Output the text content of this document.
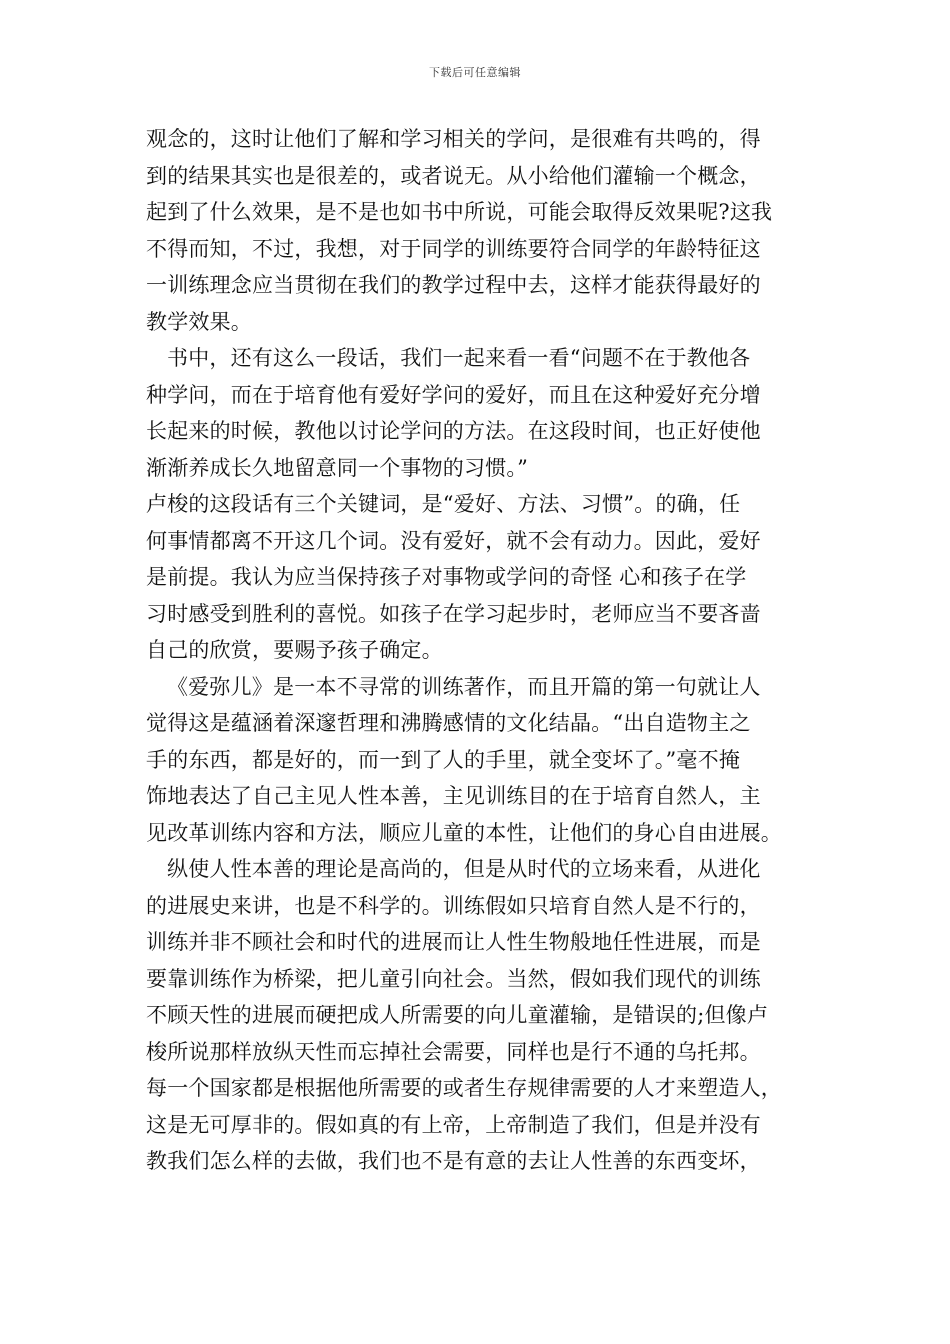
下载后可任意编辑
观念的，这时让他们了解和学习相关的学问，是很难有共鸣的，得
到的结果其实也是很差的，或者说无。从小给他们灌输一个概念，
起到了什么效果，是不是也如书中所说，可能会取得反效果呢?这我
不得而知，不过，我想，对于同学的训练要符合同学的年龄特征这
一训练理念应当贯彻在我们的教学过程中去，这样才能获得最好的
教学效果。
书中，还有这么一段话，我们一起来看一看“问题不在于教他各
种学问，而在于培育他有爱好学问的爱好，而且在这种爱好充分增
长起来的时候，教他以讨论学问的方法。在这段时间，也正好使他
渐渐养成长久地留意同一个事物的习惯。”
卢梭的这段话有三个关键词，是“爱好、方法、习惯”。的确，任
何事情都离不开这几个词。没有爱好，就不会有动力。因此，爱好
是前提。我认为应当保持孩子对事物或学问的奇怪 心和孩子在学
习时感受到胜利的喜悦。如孩子在学习起步时，老师应当不要吝啬
自己的欣赏，要赐予孩子确定。
《爱弥儿》是一本不寻常的训练著作，而且开篇的第一句就让人
觉得这是蕴涵着深邃哲理和沸腾感情的文化结晶。“出自造物主之
手的东西，都是好的，而一到了人的手里，就全变坏了。”毫不掩
饰地表达了自己主见人性本善，主见训练目的在于培育自然人，主
见改革训练内容和方法，顺应儿童的本性，让他们的身心自由进展。
纵使人性本善的理论是高尚的，但是从时代的立场来看，从进化
的进展史来讲，也是不科学的。训练假如只培育自然人是不行的，
训练并非不顾社会和时代的进展而让人性生物般地任性进展，而是
要靠训练作为桥梁，把儿童引向社会。当然，假如我们现代的训练
不顾天性的进展而硬把成人所需要的向儿童灌输，是错误的;但像卢
梭所说那样放纵天性而忘掉社会需要，同样也是行不通的乌托邦。
每一个国家都是根据他所需要的或者生存规律需要的人才来塑造人，
这是无可厚非的。假如真的有上帝，上帝制造了我们，但是并没有
教我们怎么样的去做，我们也不是有意的去让人性善的东西变坏，
